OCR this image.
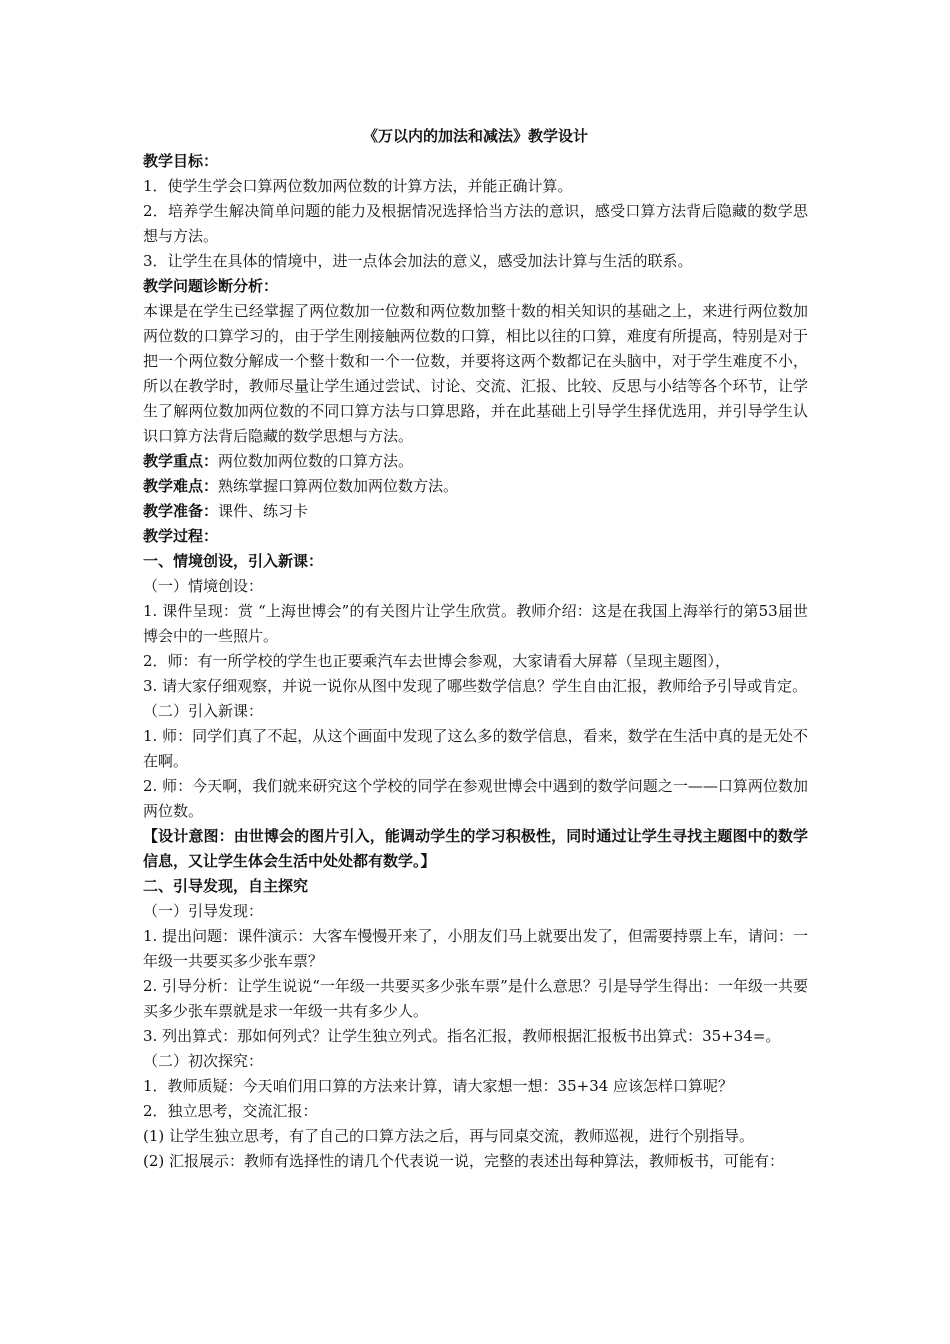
《万以内的加法和减法》教学设计

教学目标：

1．使学生学会口算两位数加两位数的计算方法，并能正确计算。

2．培养学生解决简单问题的能力及根据情况选择恰当方法的意识，感受口算方法背后隐藏的数学思想与方法。

3．让学生在具体的情境中，进一点体会加法的意义，感受加法计算与生活的联系。

教学问题诊断分析：

本课是在学生已经掌握了两位数加一位数和两位数加整十数的相关知识的基础之上，来进行两位数加两位数的口算学习的，由于学生刚接触两位数的口算，相比以往的口算，难度有所提高，特别是对于把一个两位数分解成一个整十数和一个一位数，并要将这两个数都记在头脑中，对于学生难度不小，所以在教学时，教师尽量让学生通过尝试、讨论、交流、汇报、比较、反思与小结等各个环节，让学生了解两位数加两位数的不同口算方法与口算思路，并在此基础上引导学生择优选用，并引导学生认识口算方法背后隐藏的数学思想与方法。

教学重点：两位数加两位数的口算方法。

教学难点：熟练掌握口算两位数加两位数方法。

教学准备：课件、练习卡

教学过程：

一、情境创设，引入新课：

（一）情境创设：

1. 课件呈现：赏 “上海世博会”的有关图片让学生欣赏。教师介绍：这是在我国上海举行的第53届世博会中的一些照片。

2．师：有一所学校的学生也正要乘汽车去世博会参观，大家请看大屏幕（呈现主题图），

3. 请大家仔细观察，并说一说你从图中发现了哪些数学信息？学生自由汇报，教师给予引导或肯定。

（二）引入新课：

1. 师：同学们真了不起，从这个画面中发现了这么多的数学信息，看来，数学在生活中真的是无处不在啊。

2. 师：今天啊，我们就来研究这个学校的同学在参观世博会中遇到的数学问题之一——口算两位数加两位数。

【设计意图：由世博会的图片引入，能调动学生的学习积极性，同时通过让学生寻找主题图中的数学信息，又让学生体会生活中处处都有数学。】

二、引导发现，自主探究

（一）引导发现：

1. 提出问题：课件演示：大客车慢慢开来了，小朋友们马上就要出发了，但需要持票上车，请问：一年级一共要买多少张车票？

2. 引导分析：让学生说说“一年级一共要买多少张车票”是什么意思？引是导学生得出：一年级一共要买多少张车票就是求一年级一共有多少人。

3. 列出算式：那如何列式？让学生独立列式。指名汇报，教师根据汇报板书出算式：35+34=。

（二）初次探究：

1．教师质疑：今天咱们用口算的方法来计算，请大家想一想：35+34 应该怎样口算呢？

2．独立思考，交流汇报：

(1) 让学生独立思考，有了自己的口算方法之后，再与同桌交流，教师巡视，进行个别指导。

(2) 汇报展示：教师有选择性的请几个代表说一说，完整的表述出每种算法，教师板书，可能有：
